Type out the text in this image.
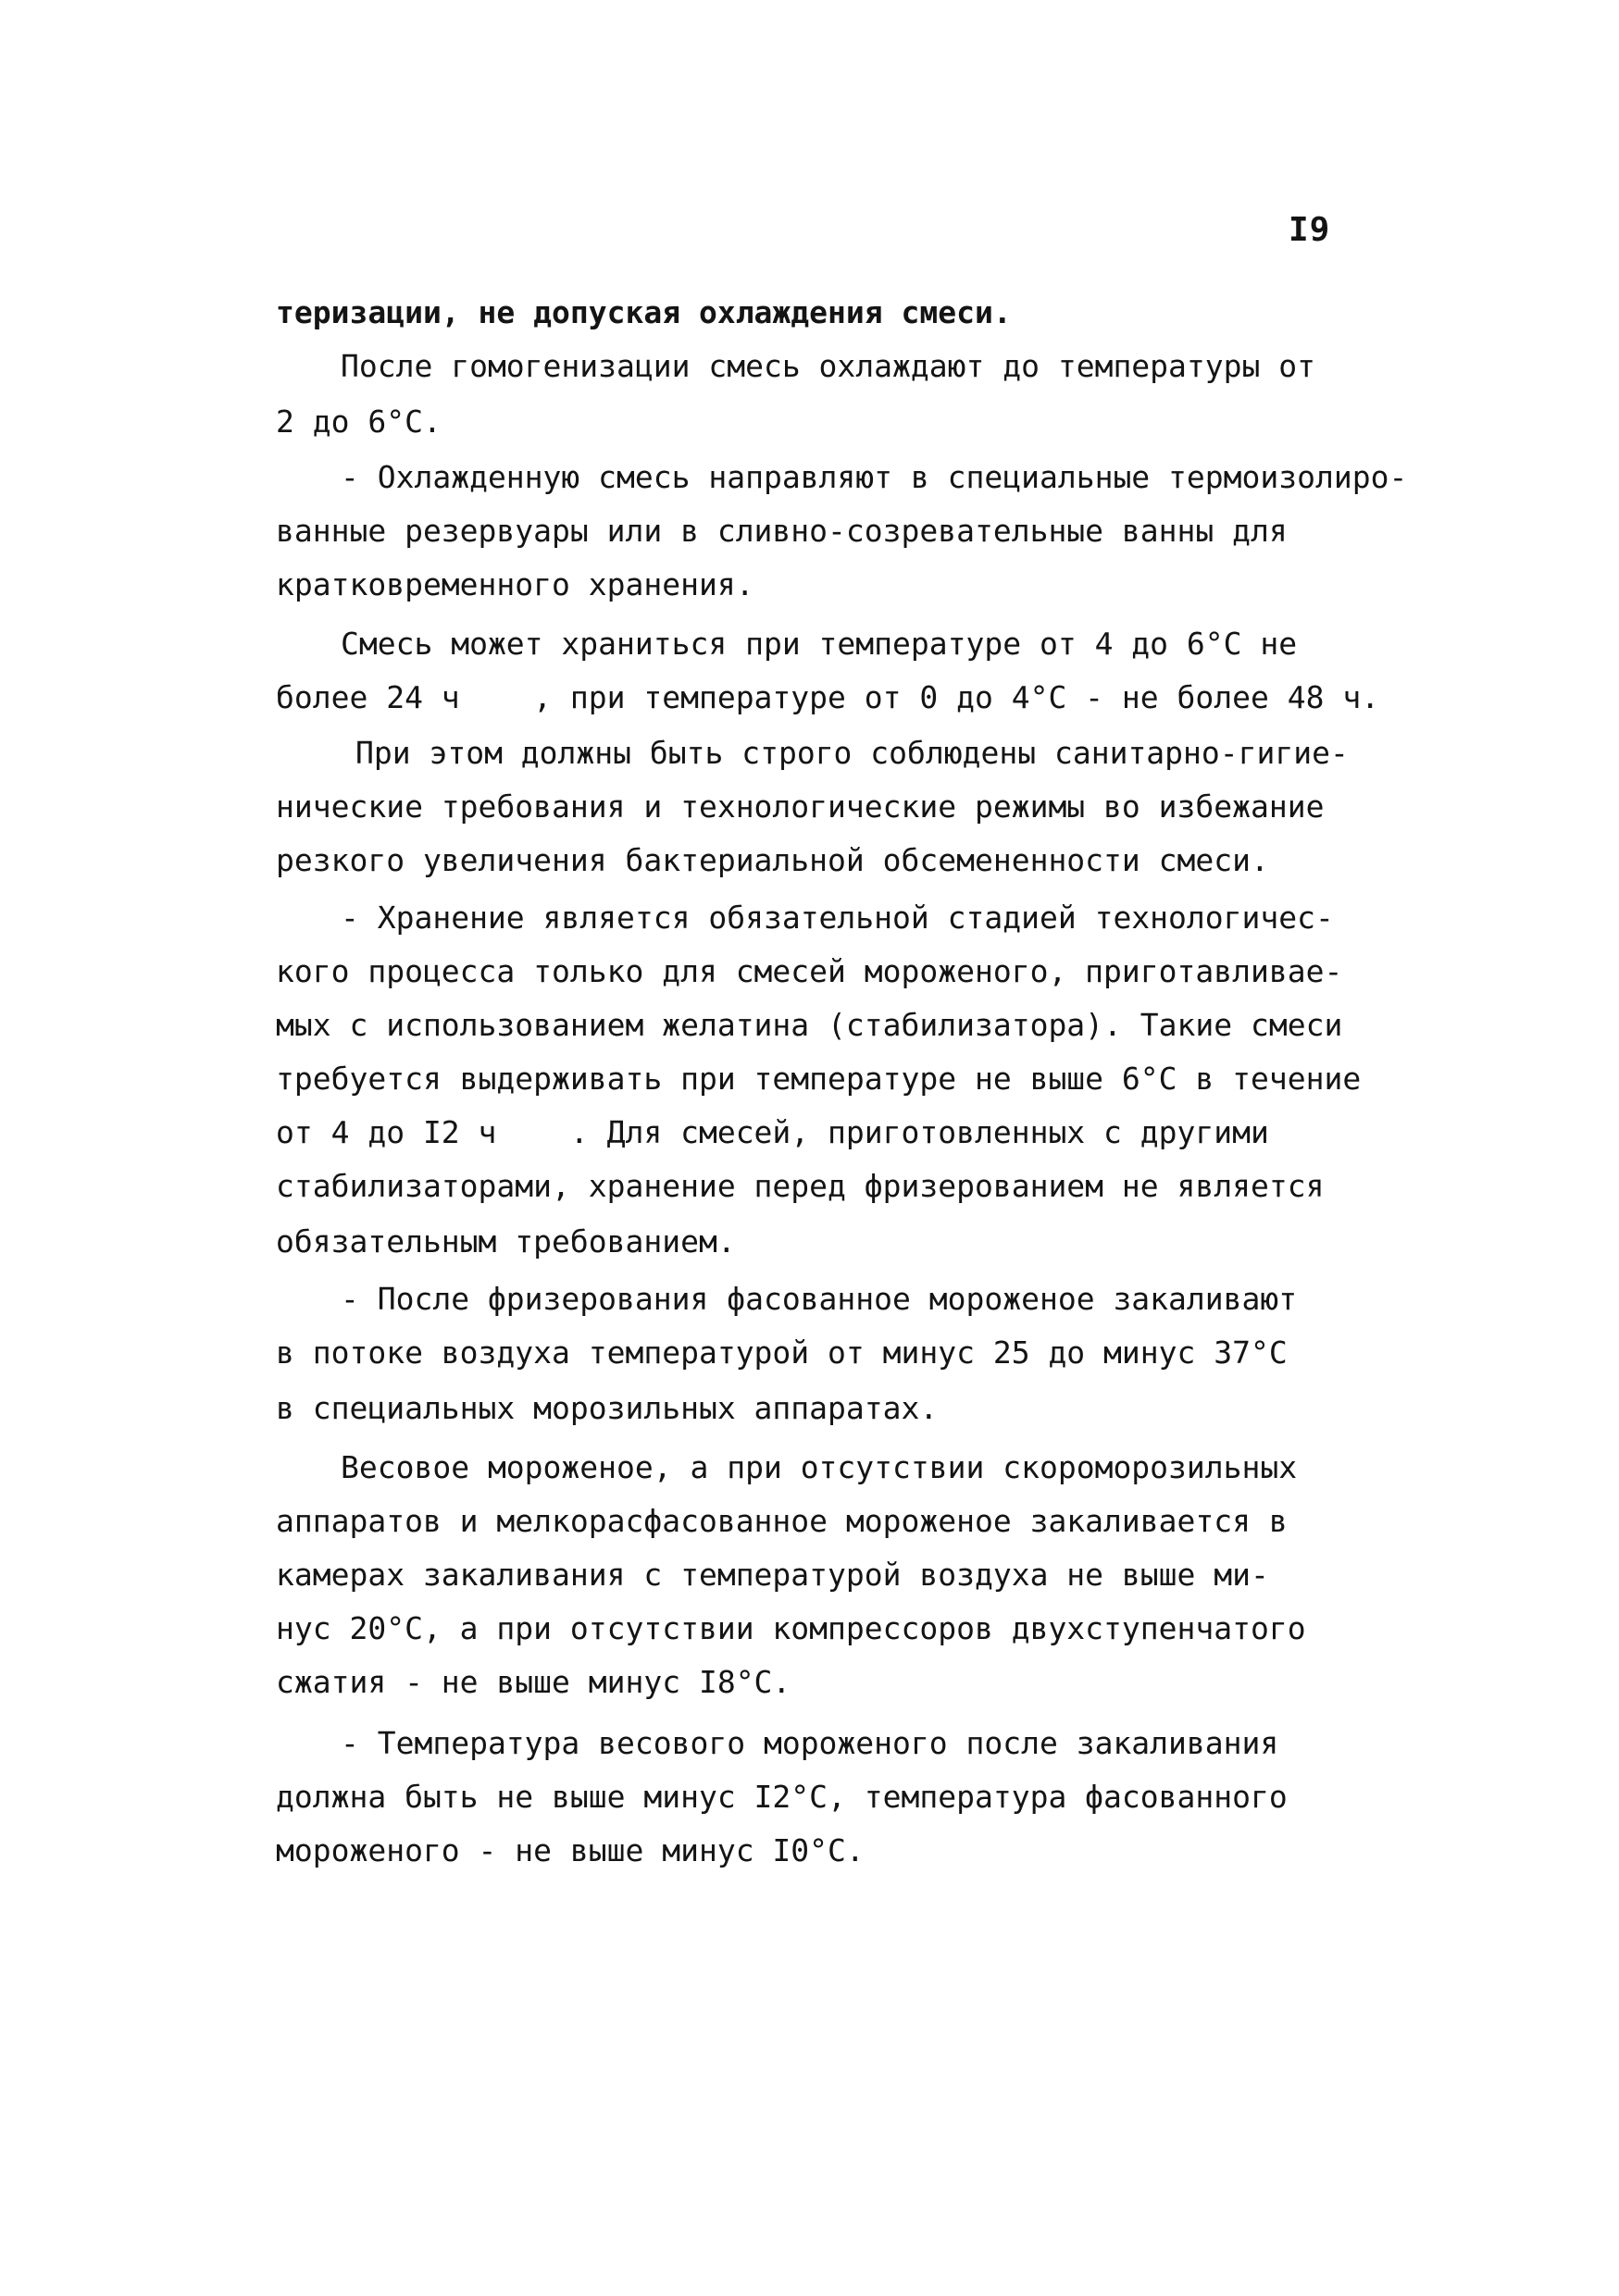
I9
теризации, не допуская охлаждения смеси.
После гомогенизации смесь охлаждают до температуры от
2 до 6°С.
- Охлажденную смесь направляют в специальные термоизолиро-
ванные резервуары или в сливно-созревательные ванны для
кратковременного хранения.
Смесь может храниться при температуре от 4 до 6°С не
более 24 ч    , при температуре от 0 до 4°С - не более 48 ч.
При этом должны быть строго соблюдены санитарно-гигие-
нические требования и технологические режимы во избежание
резкого увеличения бактериальной обсемененности смеси.
- Хранение является обязательной стадией технологичес-
кого процесса только для смесей мороженого, приготавливае-
мых с использованием желатина (стабилизатора). Такие смеси
требуется выдерживать при температуре не выше 6°С в течение
от 4 до I2 ч    . Для смесей, приготовленных с другими
стабилизаторами, хранение перед фризерованием не является
обязательным требованием.
- После фризерования фасованное мороженое закаливают
в потоке воздуха температурой от минус 25 до минус 37°С
в специальных морозильных аппаратах.
Весовое мороженое, а при отсутствии скороморозильных
аппаратов и мелкорасфасованное мороженое закаливается в
камерах закаливания с температурой воздуха не выше ми-
нус 20°С, а при отсутствии компрессоров двухступенчатого
сжатия - не выше минус I8°С.
- Температура весового мороженого после закаливания
должна быть не выше минус I2°С, температура фасованного
мороженого - не выше минус I0°С.
